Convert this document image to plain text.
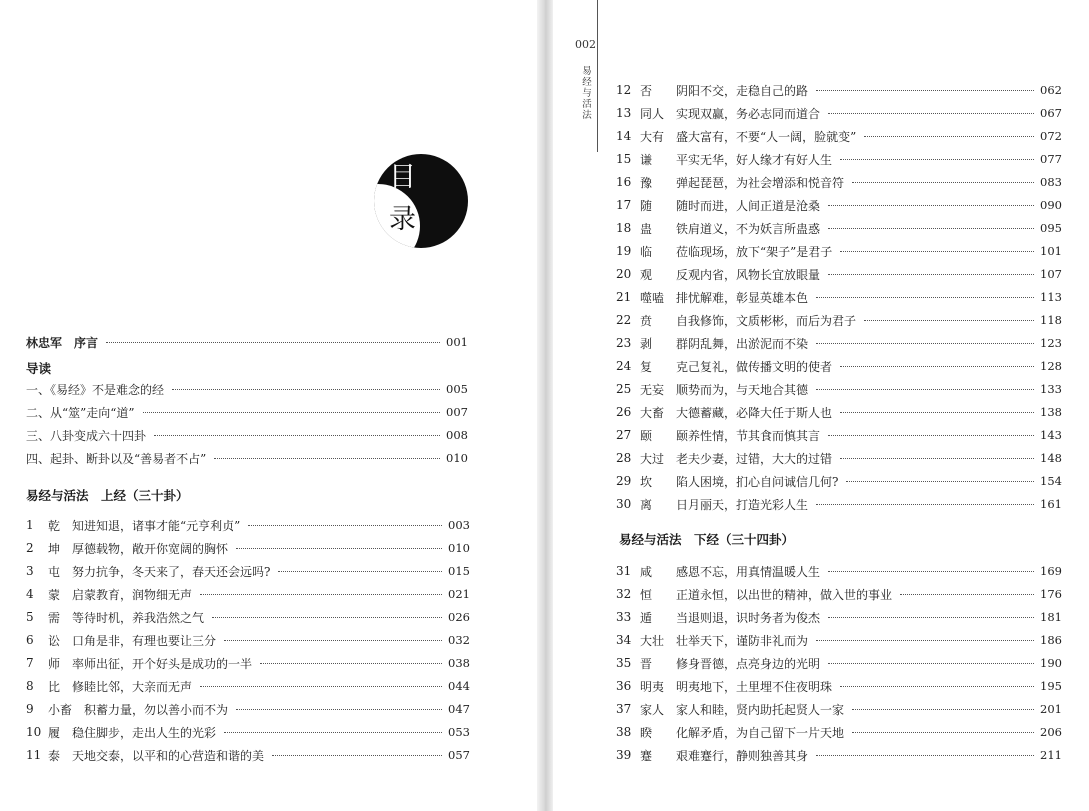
目
录
林忠军 序言	001
导读
一、《易经》不是难念的经	005
二、从“筮”走向“道”	007
三、八卦变成六十四卦	008
四、起卦、断卦以及“善易者不占”	010
易经与活法　上经（三十卦）
1	乾 知进知退，诸事才能“元亨利贞”	003
2	坤 厚德载物，敞开你宽阔的胸怀	010
3	屯 努力抗争，冬天来了，春天还会远吗?	015
4	蒙 启蒙教育，润物细无声	021
5	需 等待时机，养我浩然之气	026
6	讼 口角是非，有理也要让三分	032
7	师 率师出征，开个好头是成功的一半	038
8	比 修睦比邻，大亲而无声	044
9	小畜 积蓄力量，勿以善小而不为	047
10 履 稳住脚步，走出人生的光彩	053
11 泰 天地交泰，以平和的心营造和谐的美	057
002
易经与活法
12 否	阴阳不交，走稳自己的路	062
13 同人 实现双赢，务必志同而道合	067
14 大有 盛大富有，不要“人一阔，脸就变”	072
15 谦	平实无华，好人缘才有好人生	077
16 豫	弹起琵琶，为社会增添和悦音符	083
17 随	随时而进，人间正道是沧桑	090
18 蛊	铁肩道义，不为妖言所蛊惑	095
19 临	莅临现场，放下“架子”是君子	101
20 观	反观内省，风物长宜放眼量	107
21 噬嗑 排忧解难，彰显英雄本色	113
22 贲	自我修饰，文质彬彬，而后为君子	118
23 剥	群阴乱舞，出淤泥而不染	123
24 复	克己复礼，做传播文明的使者	128
25 无妄 顺势而为，与天地合其德	133
26 大畜 大德蓄藏，必降大任于斯人也	138
27 颐	颐养性情，节其食而慎其言	143
28 大过 老夫少妻，过错，大大的过错	148
29 坎	陷人困境，扪心自问诚信几何?	154
30 离	日月丽天，打造光彩人生	161
易经与活法　下经（三十四卦）
31 咸	感恩不忘，用真情温暖人生	169
32 恒	正道永恒，以出世的精神，做入世的事业	176
33 遁	当退则退，识时务者为俊杰	181
34 大壮 壮举天下，谨防非礼而为	186
35 晋	修身晋德，点亮身边的光明	190
36 明夷 明夷地下，土里埋不住夜明珠	195
37 家人 家人和睦，贤内助托起贤人一家	201
38 睽	化解矛盾，为自己留下一片天地	206
39 蹇	艰难蹇行，静则独善其身	211
